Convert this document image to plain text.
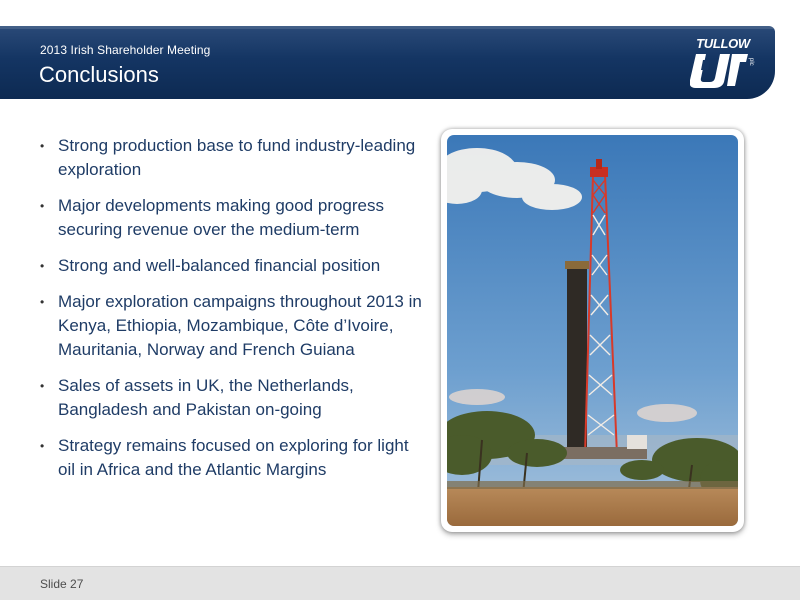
2013 Irish Shareholder Meeting
Conclusions
TULLOW
plc
• Strong production base to fund industry-leading exploration
• Major developments making good progress securing revenue over the medium-term
• Strong and well-balanced financial position
• Major exploration campaigns throughout 2013 in Kenya, Ethiopia, Mozambique, Côte d’Ivoire, Mauritania, Norway and French Guiana
• Sales of assets in UK, the Netherlands, Bangladesh and Pakistan on-going
• Strategy remains focused on exploring for light oil in Africa and the Atlantic Margins
Slide 27
